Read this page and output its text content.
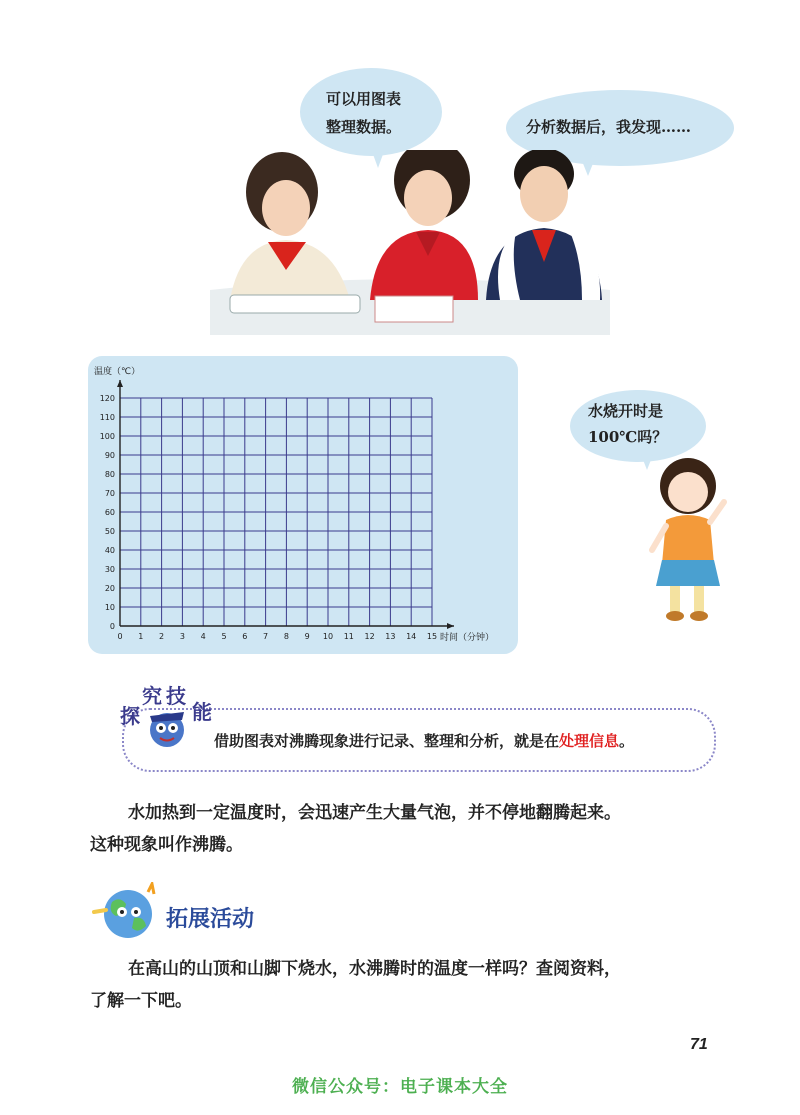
可以用图表
整理数据。	分析数据后，我发现……
温度（℃）
时间（分钟）
0 1 2 3 4 5 6 7 8 9 10 11 12 13 14 15
0
10
20
30
40
50
60
70
80
90
100
110
120
水烧开时是
100℃吗？
探
究 技
能
借助图表对沸腾现象进行记录、整理和分析，就是在处理信息。
水加热到一定温度时，会迅速产生大量气泡，并不停地翻腾起来。
这种现象叫作沸腾。
拓展活动
在高山的山顶和山脚下烧水，水沸腾时的温度一样吗？查阅资料，
了解一下吧。
71
微信公众号：电子课本大全
